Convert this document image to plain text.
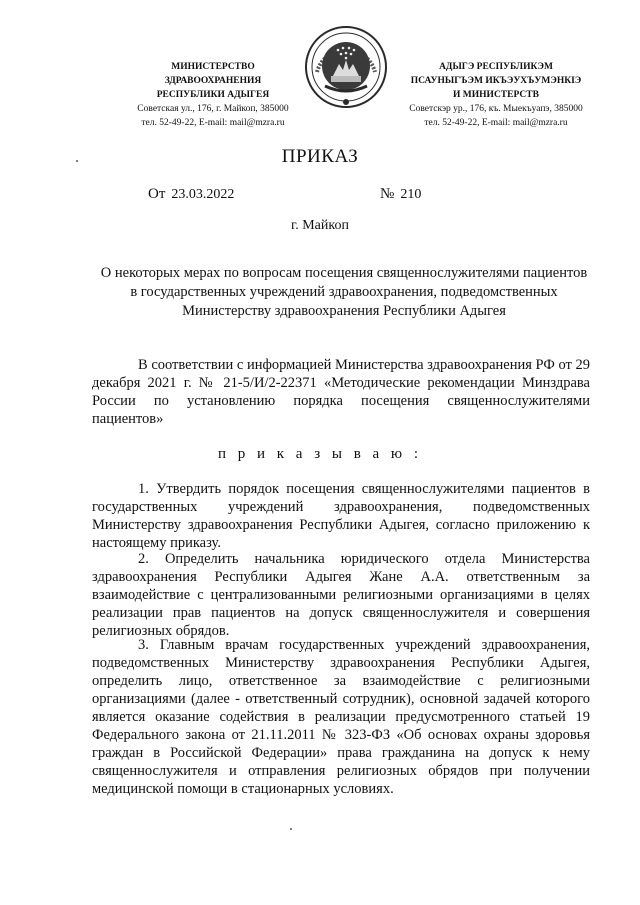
МИНИСТЕРСТВО
ЗДРАВООХРАНЕНИЯ
РЕСПУБЛИКИ АДЫГЕЯ
Советская ул., 176, г. Майкоп, 385000
тел. 52-49-22, E-mail: mail@mzra.ru
АДЫГЭ РЕСПУБЛИКЭМ
ПСАУНЫГЪЭМ ИКЪЭУХЪУМЭНКIЭ
И МИНИСТЕРСТВ
Советскэр ур., 176, къ. Мыекъуапэ, 385000
тел. 52-49-22, E-mail: mail@mzra.ru
ПРИКАЗ
От 23.03.2022	№ 210
г. Майкоп
О некоторых мерах по вопросам посещения священнослужителями пациентов в государственных учреждений здравоохранения, подведомственных Министерству здравоохранения Республики Адыгея

В соответствии с информацией Министерства здравоохранения РФ от 29 декабря 2021 г. № 21-5/И/2-22371 «Методические рекомендации Минздрава России по установлению порядка посещения священнослужителями пациентов»

п р и к а з ы в а ю :

1. Утвердить порядок посещения священнослужителями пациентов в государственных учреждений здравоохранения, подведомственных Министерству здравоохранения Республики Адыгея, согласно приложению к настоящему приказу.

2. Определить начальника юридического отдела Министерства здравоохранения Республики Адыгея Жане А.А. ответственным за взаимодействие с централизованными религиозными организациями в целях реализации прав пациентов на допуск священнослужителя и совершения религиозных обрядов.

3. Главным врачам государственных учреждений здравоохранения, подведомственных Министерству здравоохранения Республики Адыгея, определить лицо, ответственное за взаимодействие с религиозными организациями (далее - ответственный сотрудник), основной задачей которого является оказание содействия в реализации предусмотренного статьей 19 Федерального закона от 21.11.2011 № 323-ФЗ «Об основах охраны здоровья граждан в Российской Федерации» права гражданина на допуск к нему священнослужителя и отправления религиозных обрядов при получении медицинской помощи в стационарных условиях.
